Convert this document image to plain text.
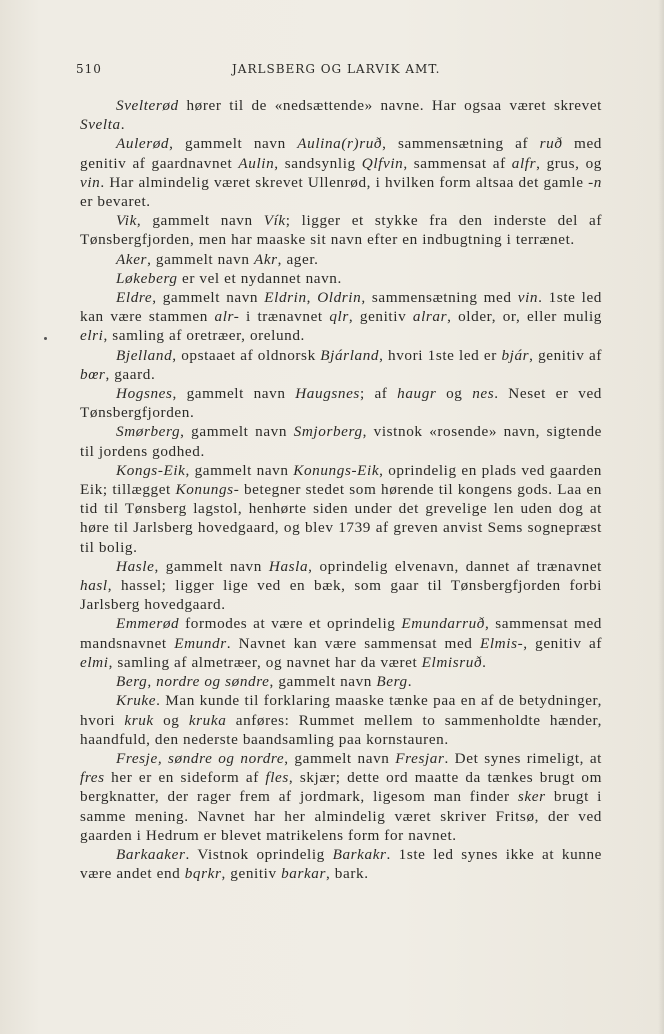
510	JARLSBERG OG LARVIK AMT.

Svelterød hører til de «nedsættende» navne. Har ogsaa været skrevet Svelta.

Aulerød, gammelt navn Aulina(r)ruð, sammensætning af ruð med genitiv af gaardnavnet Aulin, sandsynlig Qlfvin, sammensat af alfr, grus, og vin. Har almindelig været skrevet Ullenrød, i hvilken form altsaa det gamle -n er bevaret.

Vik, gammelt navn Vík; ligger et stykke fra den inderste del af Tønsbergfjorden, men har maaske sit navn efter en indbugtning i terrænet.

Aker, gammelt navn Akr, ager.

Løkeberg er vel et nydannet navn.

Eldre, gammelt navn Eldrin, Oldrin, sammensætning med vin. 1ste led kan være stammen alr- i trænavnet qlr, genitiv alrar, older, or, eller mulig elri, samling af oretræer, orelund.

Bjelland, opstaaet af oldnorsk Bjárland, hvori 1ste led er bjár, genitiv af bœr, gaard.

Hogsnes, gammelt navn Haugsnes; af haugr og nes. Neset er ved Tønsbergfjorden.

Smørberg, gammelt navn Smjorberg, vistnok «rosende» navn, sigtende til jordens godhed.

Kongs-Eik, gammelt navn Konungs-Eik, oprindelig en plads ved gaarden Eik; tillægget Konungs- betegner stedet som hørende til kongens gods. Laa en tid til Tønsberg lagstol, henhørte siden under det grevelige len uden dog at høre til Jarlsberg hovedgaard, og blev 1739 af greven anvist Sems sognepræst til bolig.

Hasle, gammelt navn Hasla, oprindelig elvenavn, dannet af trænavnet hasl, hassel; ligger lige ved en bæk, som gaar til Tønsbergfjorden forbi Jarlsberg hovedgaard.

Emmerød formodes at være et oprindelig Emundarruð, sammensat med mandsnavnet Emundr. Navnet kan være sammensat med Elmis-, genitiv af elmi, samling af almetræer, og navnet har da været Elmisruð.

Berg, nordre og søndre, gammelt navn Berg.

Kruke. Man kunde til forklaring maaske tænke paa en af de betydninger, hvori kruk og kruka anføres: Rummet mellem to sammenholdte hænder, haandfuld, den nederste baandsamling paa kornstauren.

Fresje, søndre og nordre, gammelt navn Fresjar. Det synes rimeligt, at fres her er en sideform af fles, skjær; dette ord maatte da tænkes brugt om bergknatter, der rager frem af jordmark, ligesom man finder sker brugt i samme mening. Navnet har her almindelig været skriver Fritsø, der ved gaarden i Hedrum er blevet matrikelens form for navnet.

Barkaaker. Vistnok oprindelig Barkakr. 1ste led synes ikke at kunne være andet end bqrkr, genitiv barkar, bark.
